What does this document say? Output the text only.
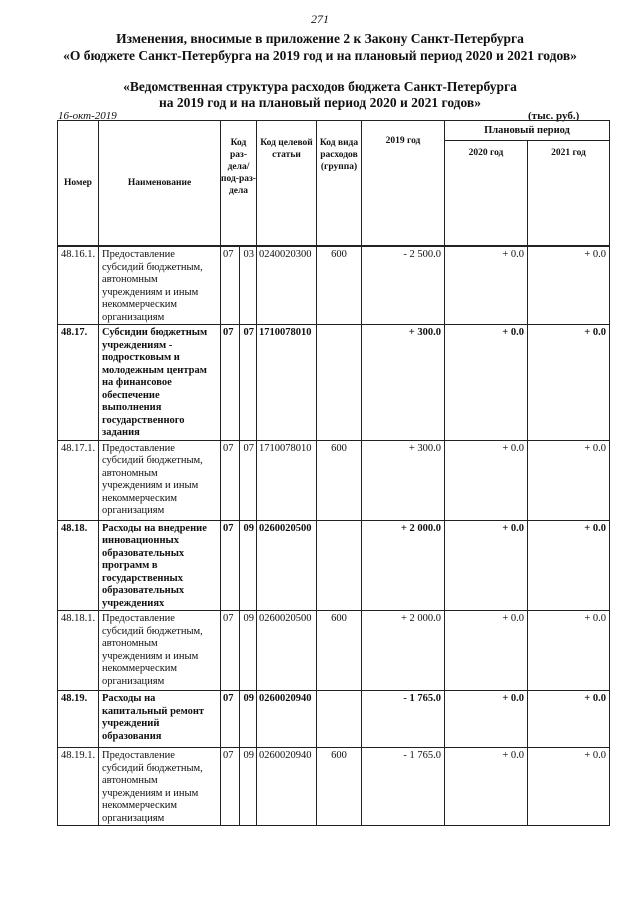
271
Изменения, вносимые в приложение 2 к Закону Санкт-Петербурга
«О бюджете Санкт-Петербурга на 2019 год и на плановый период 2020 и 2021 годов»
«Ведомственная структура расходов бюджета Санкт-Петербурга
на 2019 год и на плановый период 2020 и 2021 годов»
16-окт-2019	(тыс. руб.)
Номер	Наименование	Код раз-дела/ под-раз-дела		Код целевой статьи	Код вида расходов (группа)	2019 год	Плановый период	
							2020 год	2021 год

48.16.1.	Предоставление субсидий бюджетным, автономным учреждениям и иным некоммерческим организациям	07	03	0240020300	600	- 2 500.0	+ 0.0	+ 0.0
48.17.	Субсидии бюджетным учреждениям - подростковым и молодежным центрам на финансовое обеспечение выполнения государственного задания	07	07	1710078010		+ 300.0	+ 0.0	+ 0.0
48.17.1.	Предоставление субсидий бюджетным, автономным учреждениям и иным некоммерческим организациям	07	07	1710078010	600	+ 300.0	+ 0.0	+ 0.0
48.18.	Расходы на внедрение инновационных образовательных программ в государственных образовательных учреждениях	07	09	0260020500		+ 2 000.0	+ 0.0	+ 0.0
48.18.1.	Предоставление субсидий бюджетным, автономным учреждениям и иным некоммерческим организациям	07	09	0260020500	600	+ 2 000.0	+ 0.0	+ 0.0
48.19.	Расходы на капитальный ремонт учреждений образования	07	09	0260020940		- 1 765.0	+ 0.0	+ 0.0
48.19.1.	Предоставление субсидий бюджетным, автономным учреждениям и иным некоммерческим организациям	07	09	0260020940	600	- 1 765.0	+ 0.0	+ 0.0
